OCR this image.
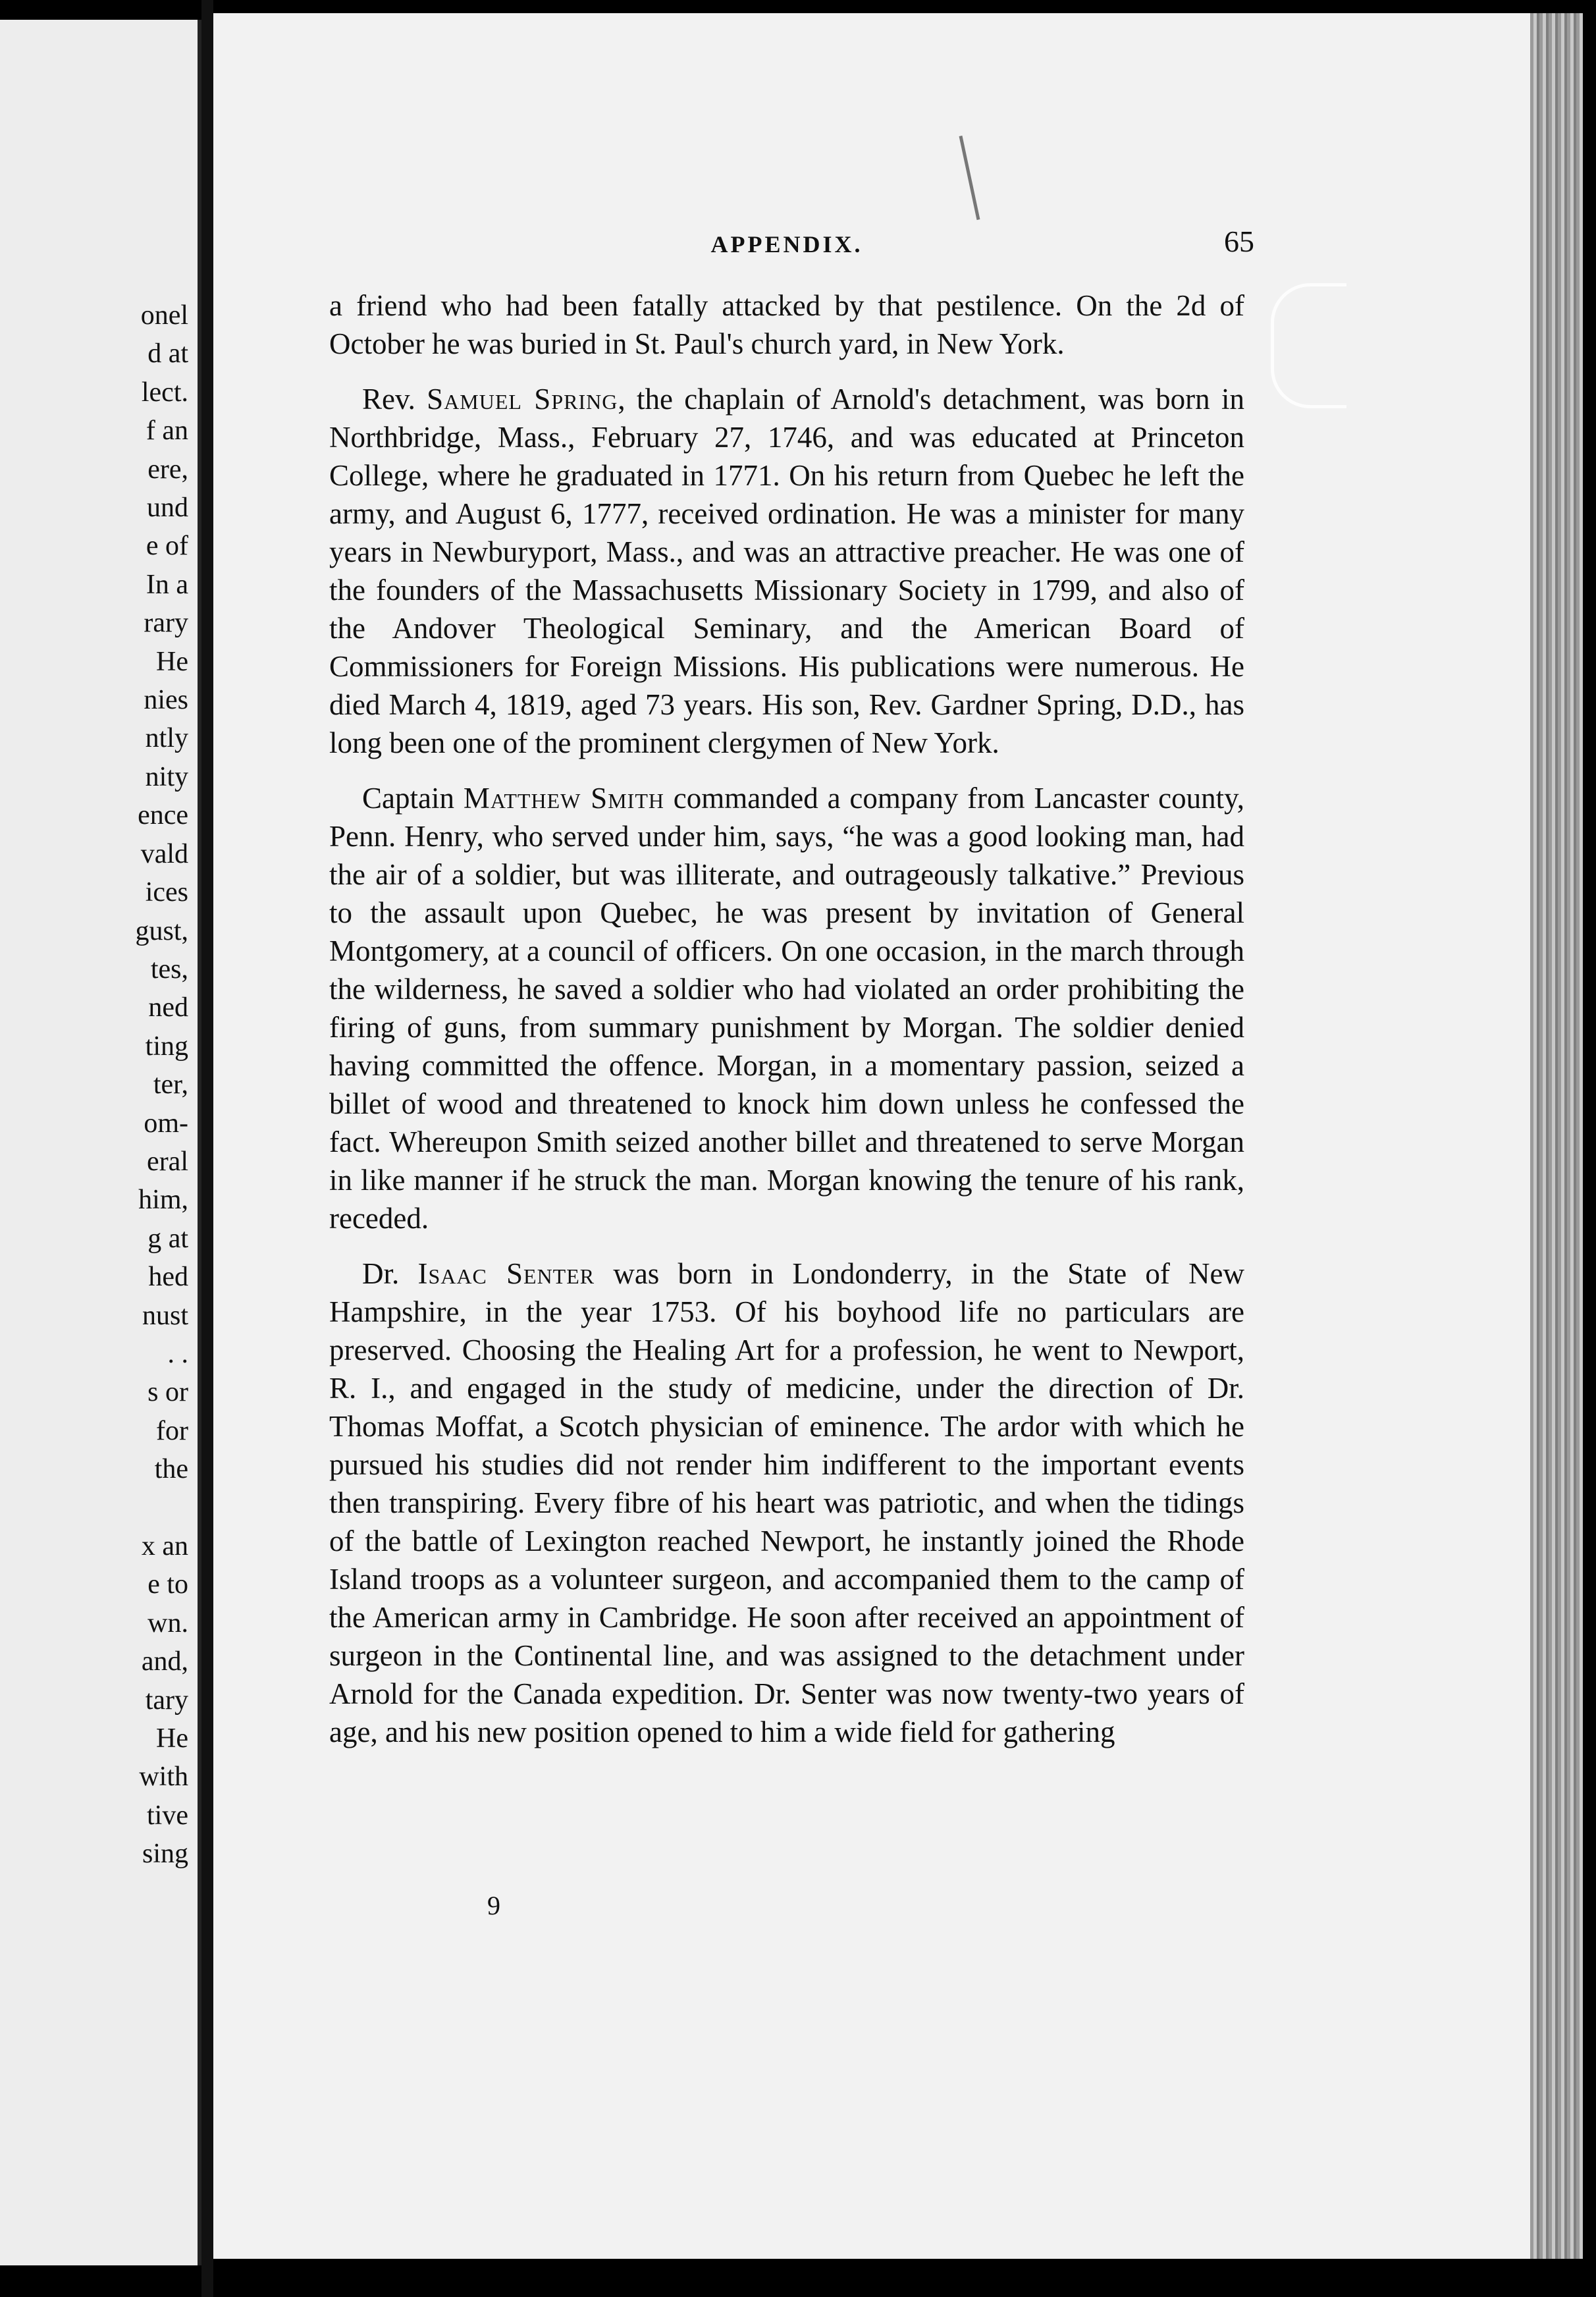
onel
d at
lect.
f an
ere,
und
e of
In a
rary
He
nies
ntly
nity
ence
vald
ices
gust,
tes,
ned
ting
ter,
om-
eral
him,
g at
hed
nust
. .
s or
for
the

x an
e to
wn.
and,
tary
He
with
tive
sing
APPENDIX.	65

a friend who had been fatally attacked by that pestilence. On the 2d of October he was buried in St. Paul's church yard, in New York.

Rev. Samuel Spring, the chaplain of Arnold's detachment, was born in Northbridge, Mass., February 27, 1746, and was educated at Princeton College, where he graduated in 1771. On his return from Quebec he left the army, and August 6, 1777, received ordination. He was a minister for many years in Newburyport, Mass., and was an attractive preacher. He was one of the founders of the Massachusetts Missionary Society in 1799, and also of the Andover Theological Seminary, and the American Board of Commissioners for Foreign Missions. His publications were numerous. He died March 4, 1819, aged 73 years. His son, Rev. Gardner Spring, D.D., has long been one of the prominent clergymen of New York.

Captain Matthew Smith commanded a company from Lancaster county, Penn. Henry, who served under him, says, “he was a good looking man, had the air of a soldier, but was illiterate, and outrageously talkative.” Previous to the assault upon Quebec, he was present by invitation of General Montgomery, at a council of officers. On one occasion, in the march through the wilderness, he saved a soldier who had violated an order prohibiting the firing of guns, from summary punishment by Morgan. The soldier denied having committed the offence. Morgan, in a momentary passion, seized a billet of wood and threatened to knock him down unless he confessed the fact. Whereupon Smith seized another billet and threatened to serve Morgan in like manner if he struck the man. Morgan knowing the tenure of his rank, receded.

Dr. Isaac Senter was born in Londonderry, in the State of New Hampshire, in the year 1753. Of his boyhood life no particulars are preserved. Choosing the Healing Art for a profession, he went to Newport, R. I., and engaged in the study of medicine, under the direction of Dr. Thomas Moffat, a Scotch physician of eminence. The ardor with which he pursued his studies did not render him indifferent to the important events then transpiring. Every fibre of his heart was patriotic, and when the tidings of the battle of Lexington reached Newport, he instantly joined the Rhode Island troops as a volunteer surgeon, and accompanied them to the camp of the American army in Cambridge. He soon after received an appointment of surgeon in the Continental line, and was assigned to the detachment under Arnold for the Canada expedition. Dr. Senter was now twenty-two years of age, and his new position opened to him a wide field for gathering

9
